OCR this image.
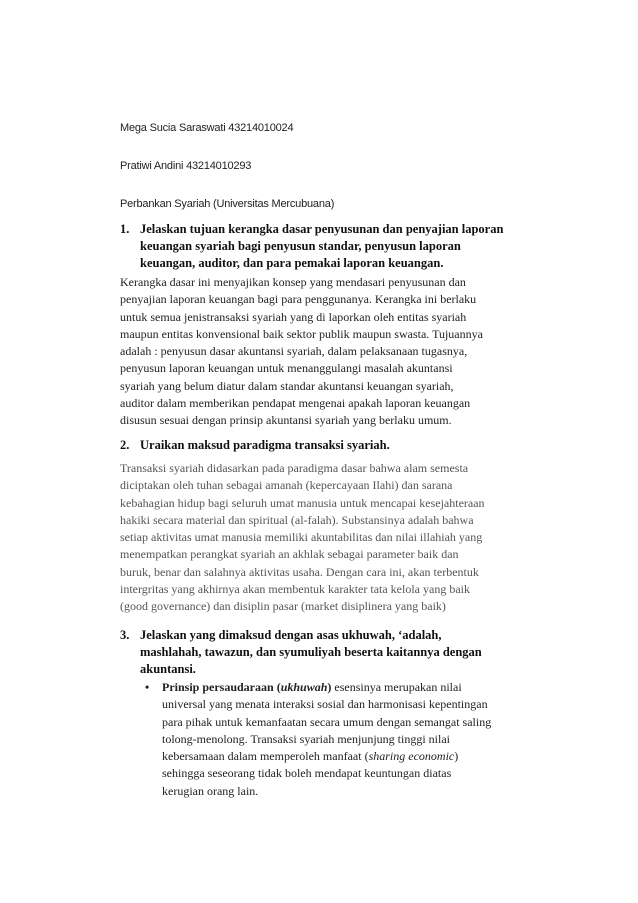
Mega Sucia Saraswati 43214010024
Pratiwi Andini 43214010293
Perbankan Syariah (Universitas Mercubuana)
1. Jelaskan tujuan kerangka dasar penyusunan dan penyajian laporan
keuangan syariah bagi penyusun standar, penyusun laporan
keuangan, auditor, dan para pemakai laporan keuangan.
Kerangka dasar ini menyajikan konsep yang mendasari penyusunan dan
penyajian laporan keuangan bagi para penggunanya. Kerangka ini berlaku
untuk semua jenistransaksi syariah yang di laporkan oleh entitas syariah
maupun entitas konvensional baik sektor publik maupun swasta. Tujuannya
adalah : penyusun dasar akuntansi syariah, dalam pelaksanaan tugasnya,
penyusun laporan keuangan untuk menanggulangi masalah akuntansi
syariah yang belum diatur dalam standar akuntansi keuangan syariah,
auditor dalam memberikan pendapat mengenai apakah laporan keuangan
disusun sesuai dengan prinsip akuntansi syariah yang berlaku umum.
2. Uraikan maksud paradigma transaksi syariah.
Transaksi syariah didasarkan pada paradigma dasar bahwa alam semesta
diciptakan oleh tuhan sebagai amanah (kepercayaan Ilahi) dan sarana
kebahagian hidup bagi seluruh umat manusia untuk mencapai kesejahteraan
hakiki secara material dan spiritual (al-falah). Substansinya adalah bahwa
setiap aktivitas umat manusia memiliki akuntabilitas dan nilai illahiah yang
menempatkan perangkat syariah an akhlak sebagai parameter baik dan
buruk, benar dan salahnya aktivitas usaha. Dengan cara ini, akan terbentuk
intergritas yang akhirnya akan membentuk karakter tata kelola yang baik
(good governance) dan disiplin pasar (market disiplinera yang baik)
3. Jelaskan yang dimaksud dengan asas ukhuwah, ‘adalah,
mashlahah, tawazun, dan syumuliyah beserta kaitannya dengan
akuntansi.
• Prinsip persaudaraan (ukhuwah) esensinya merupakan nilai
universal yang menata interaksi sosial dan harmonisasi kepentingan
para pihak untuk kemanfaatan secara umum dengan semangat saling
tolong-menolong. Transaksi syariah menjunjung tinggi nilai
kebersamaan dalam memperoleh manfaat (sharing economic)
sehingga seseorang tidak boleh mendapat keuntungan diatas
kerugian orang lain.
